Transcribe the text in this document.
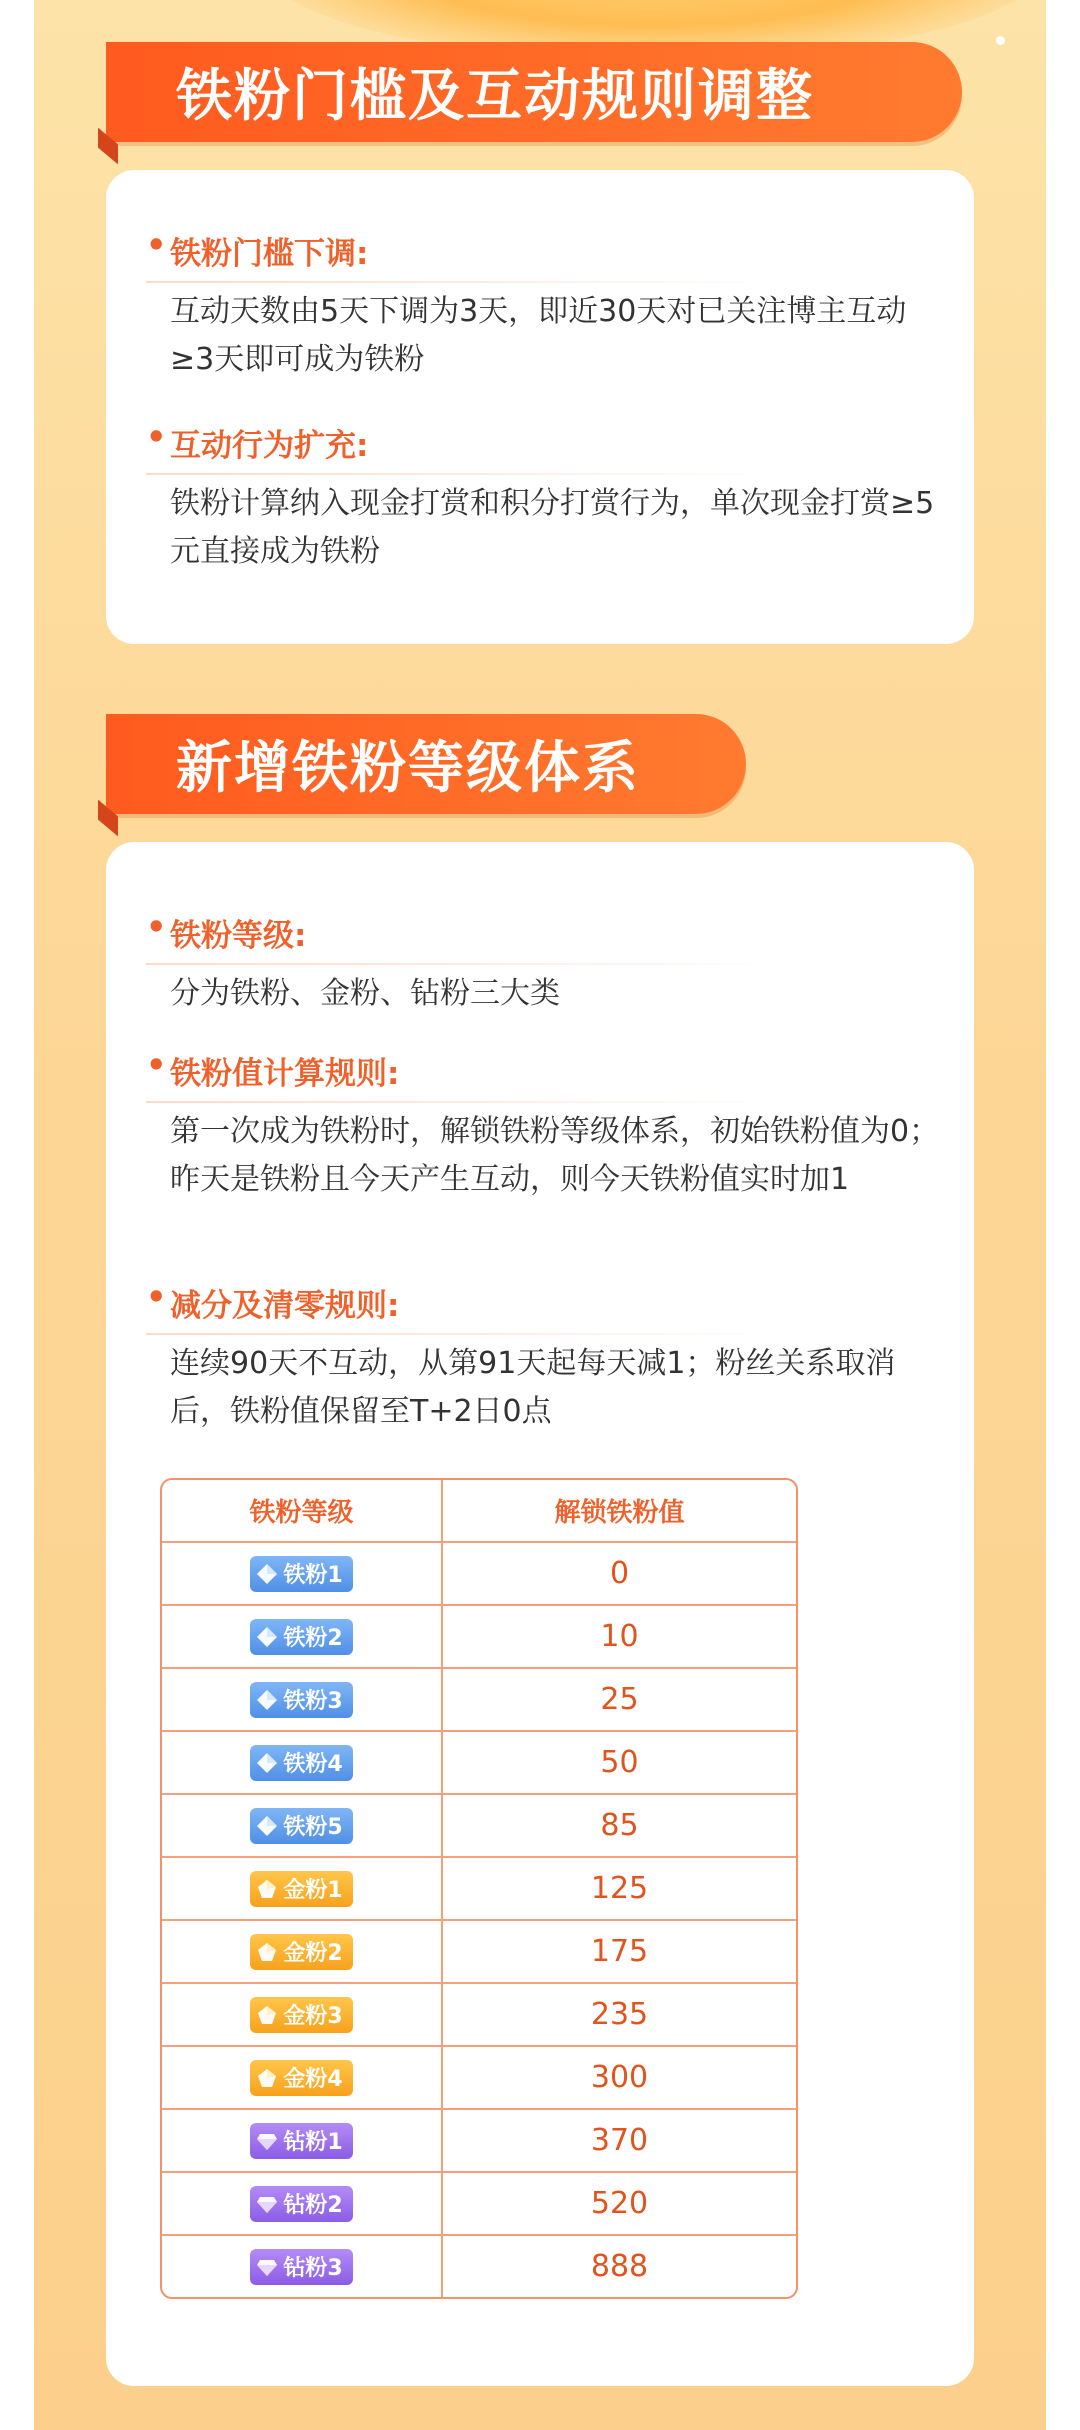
铁粉门槛及互动规则调整
• 铁粉门槛下调:
互动天数由5天下调为3天，即近30天对已关注博主互动≥3天即可成为铁粉
• 互动行为扩充:
铁粉计算纳入现金打赏和积分打赏行为，单次现金打赏≥5元直接成为铁粉
新增铁粉等级体系
• 铁粉等级:
分为铁粉、金粉、钻粉三大类
• 铁粉值计算规则:
第一次成为铁粉时，解锁铁粉等级体系，初始铁粉值为0；昨天是铁粉且今天产生互动，则今天铁粉值实时加1
• 减分及清零规则:
连续90天不互动，从第91天起每天减1；粉丝关系取消后，铁粉值保留至T+2日0点
铁粉等级	解锁铁粉值
铁粉1	0
铁粉2	10
铁粉3	25
铁粉4	50
铁粉5	85
金粉1	125
金粉2	175
金粉3	235
金粉4	300
钻粉1	370
钻粉2	520
钻粉3	888
